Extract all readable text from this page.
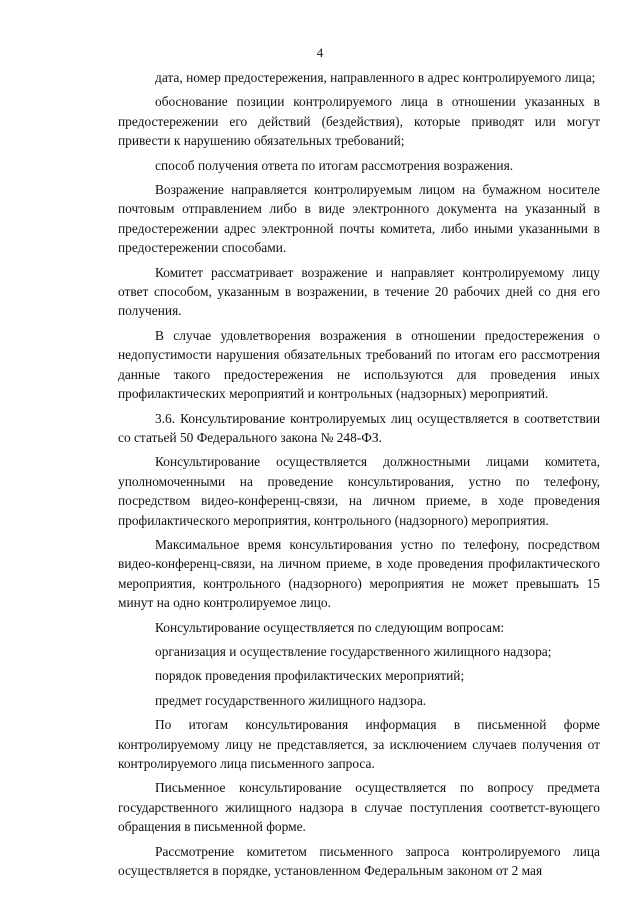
4

дата, номер предостережения, направленного в адрес контролируемого лица;

обоснование позиции контролируемого лица в отношении указанных в предостережении его действий (бездействия), которые приводят или могут привести к нарушению обязательных требований;

способ получения ответа по итогам рассмотрения возражения.

Возражение направляется контролируемым лицом на бумажном носителе почтовым отправлением либо в виде электронного документа на указанный в предостережении адрес электронной почты комитета, либо иными указанными в предостережении способами.

Комитет рассматривает возражение и направляет контролируемому лицу ответ способом, указанным в возражении, в течение 20 рабочих дней со дня его получения.

В случае удовлетворения возражения в отношении предостережения о недопустимости нарушения обязательных требований по итогам его рассмотрения данные такого предостережения не используются для проведения иных профилактических мероприятий и контрольных (надзорных) мероприятий.

3.6. Консультирование контролируемых лиц осуществляется в соответствии со статьей 50 Федерального закона № 248-ФЗ.

Консультирование осуществляется должностными лицами комитета, уполномоченными на проведение консультирования, устно по телефону, посредством видео-конференц-связи, на личном приеме, в ходе проведения профилактического мероприятия, контрольного (надзорного) мероприятия.

Максимальное время консультирования устно по телефону, посредством видео-конференц-связи, на личном приеме, в ходе проведения профилактического мероприятия, контрольного (надзорного) мероприятия не может превышать 15 минут на одно контролируемое лицо.

Консультирование осуществляется по следующим вопросам:

организация и осуществление государственного жилищного надзора;

порядок проведения профилактических мероприятий;

предмет государственного жилищного надзора.

По итогам консультирования информация в письменной форме контролируемому лицу не представляется, за исключением случаев получения от контролируемого лица письменного запроса.

Письменное консультирование осуществляется по вопросу предмета государственного жилищного надзора в случае поступления соответст-вующего обращения в письменной форме.

Рассмотрение комитетом письменного запроса контролируемого лица осуществляется в порядке, установленном Федеральным законом от 2 мая
